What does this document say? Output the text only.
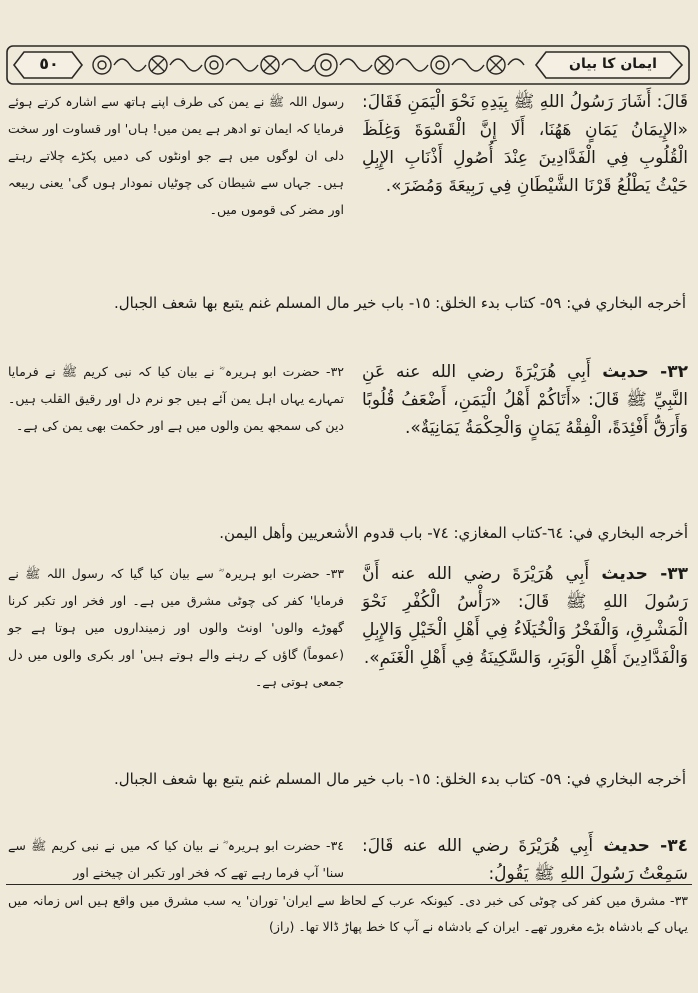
٥٠	ایمان کا بیان
قَالَ: أَشَارَ رَسُولُ اللهِ ﷺ بِيَدِهِ نَحْوَ الْيَمَنِ فَقَالَ: «الإِيمَانُ يَمَانٍ هَهُنَا، أَلَا إِنَّ الْقَسْوَةَ وَغِلَظَ الْقُلُوبِ فِي الْفَدَّادِينَ عِنْدَ أُصُولِ أَذْنَابِ الإِبِلِ حَيْثُ يَطْلُعُ قَرْنَا الشَّيْطَانِ فِي رَبِيعَةَ وَمُضَرَ».
رسول اللہ ﷺ نے یمن کی طرف اپنے ہاتھ سے اشارہ کرتے ہوئے فرمایا کہ ایمان تو ادھر ہے یمن میں! ہاں' اور قساوت اور سخت دلی ان لوگوں میں ہے جو اونٹوں کی دمیں پکڑے چلاتے رہتے ہیں۔ جہاں سے شیطان کی چوٹیاں نمودار ہوں گی' یعنی ربیعہ اور مضر کی قوموں میں۔
أخرجه البخاري في: ٥٩- كتاب بدء الخلق: ١٥- باب خير مال المسلم غنم يتبع بها شعف الجبال.
٣٢- حديث أَبِي هُرَيْرَةَ رضي الله عنه عَنِ النَّبِيِّ ﷺ قَالَ: «أَتَاكُمْ أَهْلُ الْيَمَنِ، أَضْعَفُ قُلُوبًا وَأَرَقُّ أَفْئِدَةً، الْفِقْهُ يَمَانٍ وَالْحِكْمَةُ يَمَانِيَةٌ».
٣٢- حضرت ابو ہریرہ ؓ نے بیان کیا کہ نبی کریم ﷺ نے فرمایا تمہارے یہاں اہل یمن آئے ہیں جو نرم دل اور رقیق القلب ہیں۔ دین کی سمجھ یمن والوں میں ہے اور حکمت بھی یمن کی ہے۔
أخرجه البخاري في: ٦٤-كتاب المغازي: ٧٤- باب قدوم الأشعريين وأهل اليمن.
٣٣- حديث أَبِي هُرَيْرَةَ رضي الله عنه أَنَّ رَسُولَ اللهِ ﷺ قَالَ: «رَأْسُ الْكُفْرِ نَحْوَ الْمَشْرِقِ، وَالْفَخْرُ وَالْخُيَلَاءُ فِي أَهْلِ الْخَيْلِ وَالإِبِلِ وَالْفَدَّادِينَ أَهْلِ الْوَبَرِ، وَالسَّكِينَةُ فِي أَهْلِ الْغَنَمِ».
٣٣- حضرت ابو ہریرہ ؓ سے بیان کیا گیا کہ رسول اللہ ﷺ نے فرمایا' کفر کی چوٹی مشرق میں ہے۔ اور فخر اور تکبر کرنا گھوڑے والوں' اونٹ والوں اور زمینداروں میں ہوتا ہے جو (عموماً) گاؤں کے رہنے والے ہوتے ہیں' اور بکری والوں میں دل جمعی ہوتی ہے۔
أخرجه البخاري في: ٥٩- كتاب بدء الخلق: ١٥- باب خير مال المسلم غنم يتبع بها شعف الجبال.
٣٤- حديث أَبِي هُرَيْرَةَ رضي الله عنه قَالَ: سَمِعْتُ رَسُولَ اللهِ ﷺ يَقُولُ:
٣٤- حضرت ابو ہریرہ ؓ نے بیان کیا کہ میں نے نبی کریم ﷺ سے سنا' آپ فرما رہے تھے کہ فخر اور تکبر ان چیخنے اور
٣٣- مشرق میں کفر کی چوٹی کی خبر دی۔ کیونکہ عرب کے لحاظ سے ایران' توران' یہ سب مشرق میں واقع ہیں اس زمانہ میں یہاں کے بادشاہ بڑے مغرور تھے۔ ایران کے بادشاہ نے آپ کا خط پھاڑ ڈالا تھا۔ (راز)
